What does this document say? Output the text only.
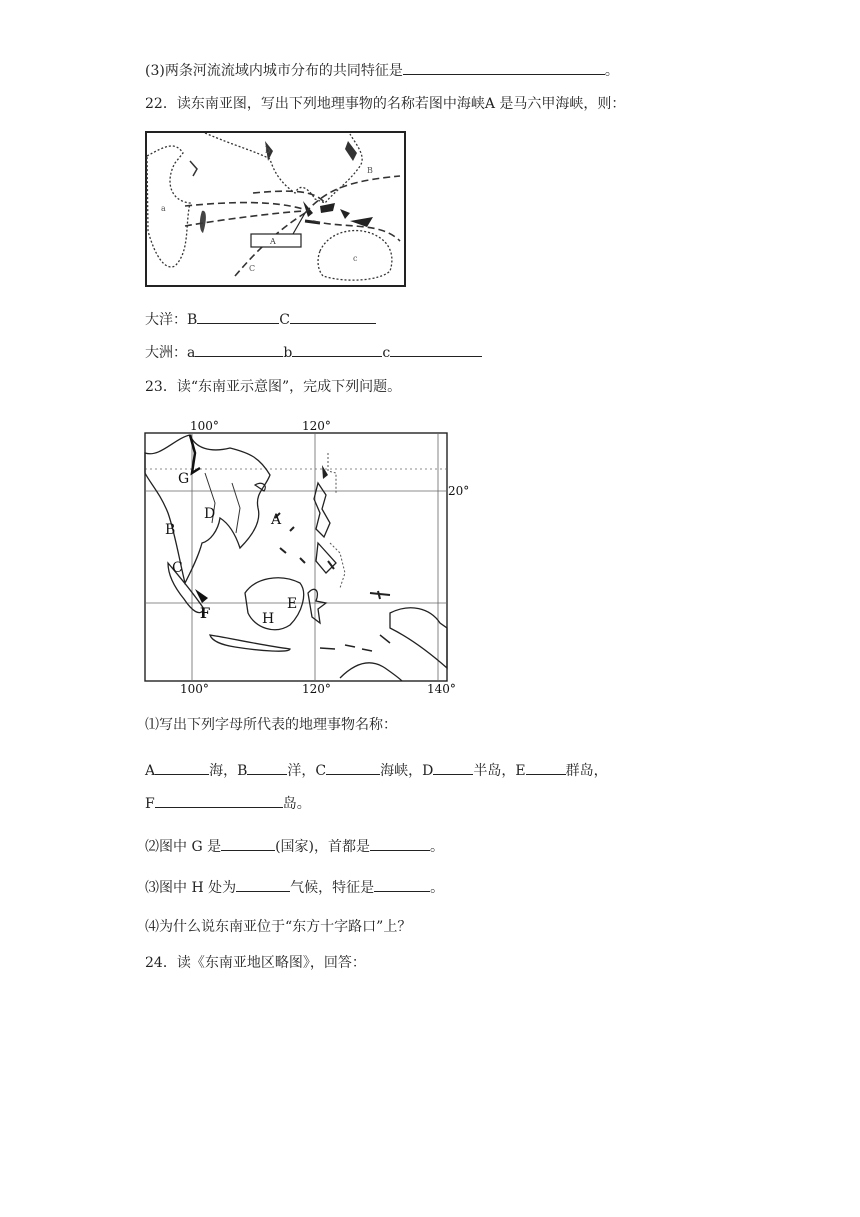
(3)两条河流流域内城市分布的共同特征是	。
22．读东南亚图，写出下列地理事物的名称若图中海峡A 是马六甲海峡，则：
A
b
B
a
C
c
大洋：B	C
大洲：a	b	c
23．读“东南亚示意图”，完成下列问题。
100°	120°
20°
100°	120°	140°
A
B
C
D
E
F
G
H
⑴写出下列字母所代表的地理事物名称：
A	海，B	洋，C	海峡，D	半岛，E	群岛，
F	岛。
⑵图中 G 是	(国家)，首都是	。
⑶图中 H 处为	气候，特征是	。
⑷为什么说东南亚位于“东方十字路口”上？
24．读《东南亚地区略图》，回答：
